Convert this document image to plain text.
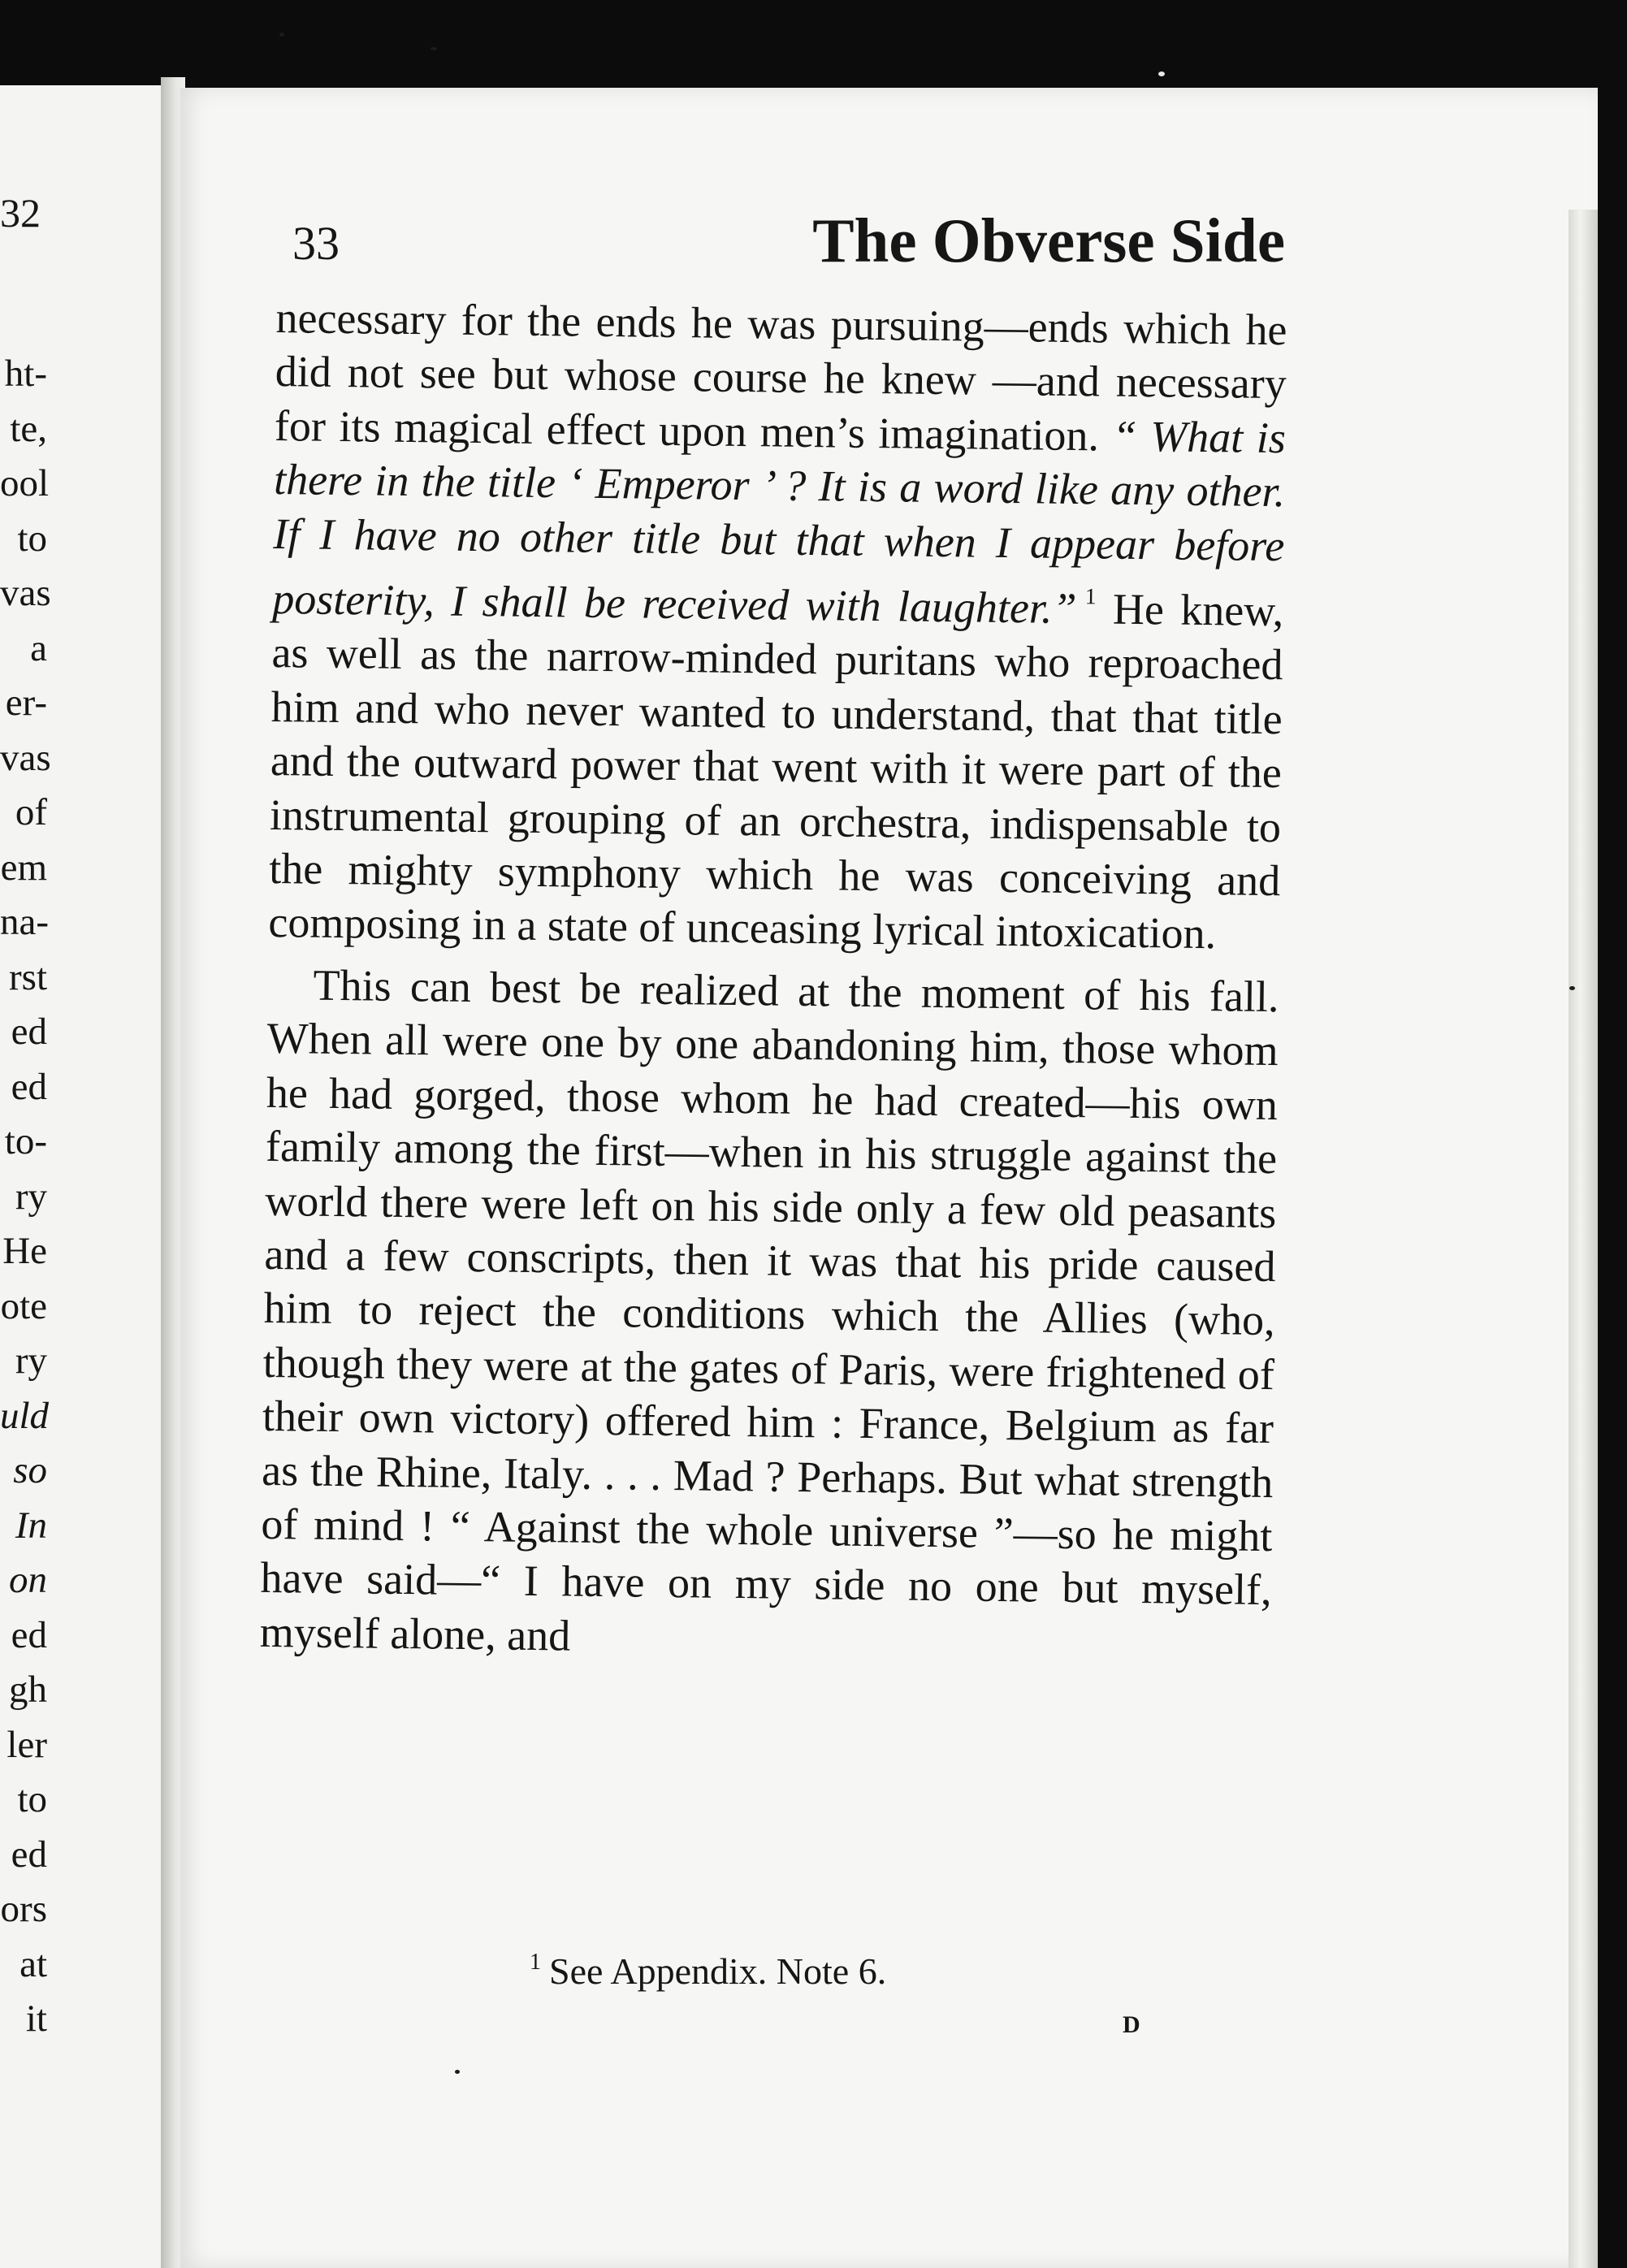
32
ht-
te,
ool
to
vas
a
er-
vas
of
em
na-
rst
ed
ed
to-
ry
He
ote
ry
uld
so
In
on
ed
gh
ler
to
ed
ors
at
it
33	The Obverse Side

necessary for the ends he was pursuing—ends which he did not see but whose course he knew —and necessary for its magical effect upon men’s imagination. “ What is there in the title ‘ Emperor ’ ? It is a word like any other. If I have no other title but that when I appear before posterity, I shall be received with laughter.” $^1$ He knew, as well as the narrow-minded puritans who reproached him and who never wanted to understand, that that title and the outward power that went with it were part of the instrumental grouping of an orchestra, indispensable to the mighty symphony which he was conceiving and composing in a state of unceasing lyrical intoxication.

This can best be realized at the moment of his fall. When all were one by one abandoning him, those whom he had gorged, those whom he had created—his own family among the first—when in his struggle against the world there were left on his side only a few old peasants and a few conscripts, then it was that his pride caused him to reject the conditions which the Allies (who, though they were at the gates of Paris, were frightened of their own victory) offered him : France, Belgium as far as the Rhine, Italy. . . . Mad ? Perhaps. But what strength of mind ! “ Against the whole universe ”—so he might have said—“ I have on my side no one but myself, myself alone, and

$^1$ See Appendix. Note 6.
D
